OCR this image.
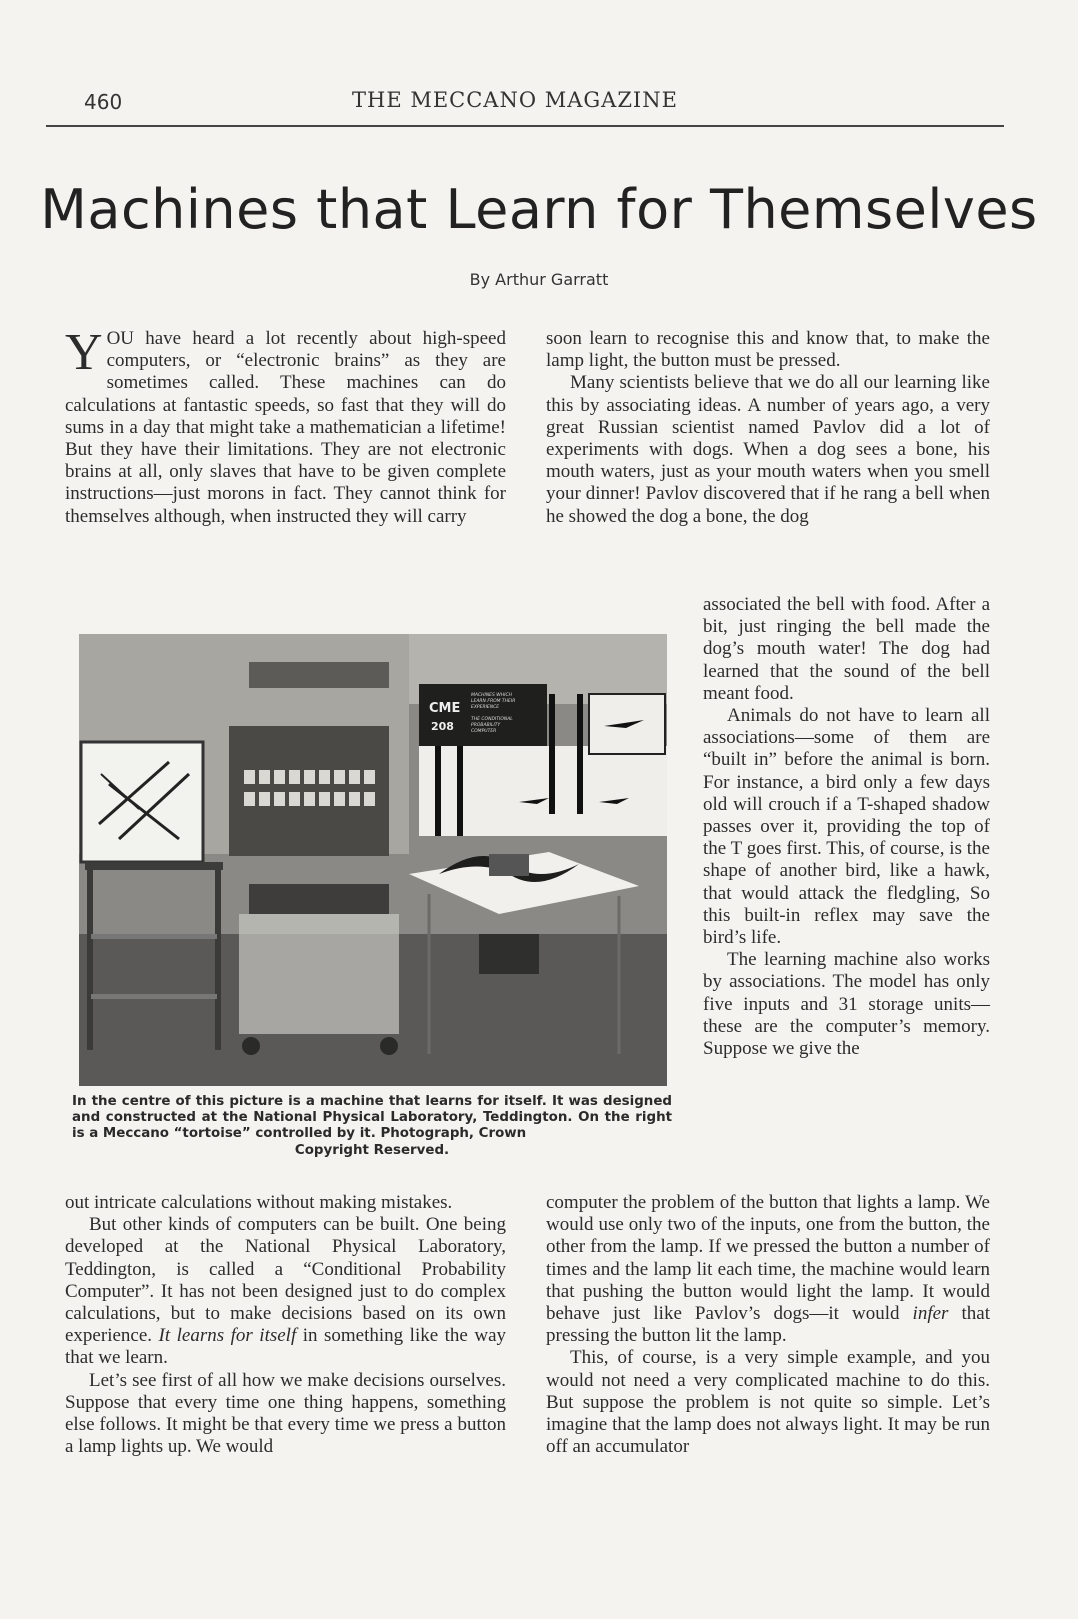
460	THE MECCANO MAGAZINE
Machines that Learn for Themselves
By Arthur Garratt

YOU have heard a lot recently about high-speed computers, or “electronic brains” as they are sometimes called. These machines can do calculations at fantastic speeds, so fast that they will do sums in a day that might take a mathematician a lifetime! But they have their limitations. They are not electronic brains at all, only slaves that have to be given complete instructions—just morons in fact. They cannot think for themselves although, when instructed they will carry

soon learn to recognise this and know that, to make the lamp light, the button must be pressed.

Many scientists believe that we do all our learning like this by associating ideas. A number of years ago, a very great Russian scientist named Pavlov did a lot of experiments with dogs. When a dog sees a bone, his mouth waters, just as your mouth waters when you smell your dinner! Pavlov discovered that if he rang a bell when he showed the dog a bone, the dog

associated the bell with food. After a bit, just ringing the bell made the dog’s mouth water! The dog had learned that the sound of the bell meant food.

Animals do not have to learn all associations—some of them are “built in” before the animal is born. For instance, a bird only a few days old will crouch if a T-shaped shadow passes over it, providing the top of the T goes first. This, of course, is the shape of another bird, like a hawk, that would attack the fledgling, So this built-in reflex may save the bird’s life.

The learning machine also works by associations. The model has only five inputs and 31 storage units—these are the computer’s memory. Suppose we give the

CME
208
MACHINES WHICH
LEARN FROM THEIR
EXPERIENCE
THE CONDITIONAL
PROBABILITY
COMPUTER
In the centre of this picture is a machine that learns for itself. It was designed and constructed at the National Physical Laboratory, Teddington. On the right is a Meccano “tortoise” controlled by it. Photograph, Crown
Copyright Reserved.

out intricate calculations without making mistakes.

But other kinds of computers can be built. One being developed at the National Physical Laboratory, Teddington, is called a “Conditional Probability Computer”. It has not been designed just to do complex calculations, but to make decisions based on its own experience. It learns for itself in something like the way that we learn.

Let’s see first of all how we make decisions ourselves. Suppose that every time one thing happens, something else follows. It might be that every time we press a button a lamp lights up. We would

computer the problem of the button that lights a lamp. We would use only two of the inputs, one from the button, the other from the lamp. If we pressed the button a number of times and the lamp lit each time, the machine would learn that pushing the button would light the lamp. It would behave just like Pavlov’s dogs—it would infer that pressing the button lit the lamp.

This, of course, is a very simple example, and you would not need a very complicated machine to do this. But suppose the problem is not quite so simple. Let’s imagine that the lamp does not always light. It may be run off an accumulator
